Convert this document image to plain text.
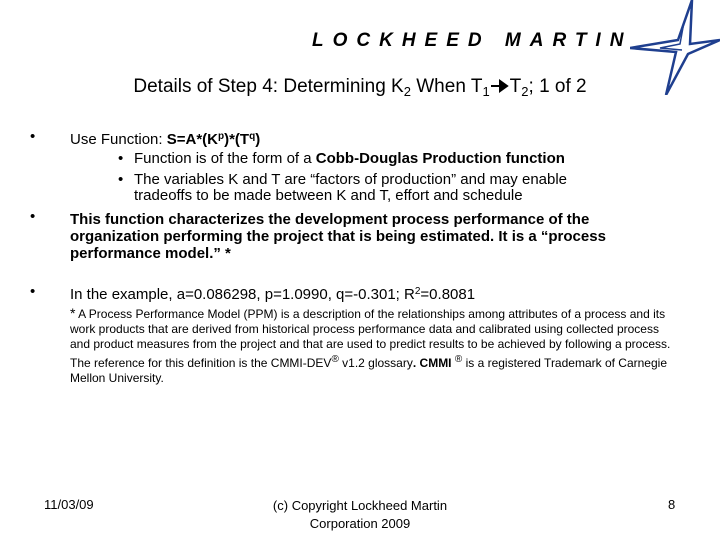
LOCKHEED MARTIN
Details of Step 4: Determining $K_2$ When $T_1$ $T_2$; 1 of 2
• Use Function: $S=A*(K^p)*(T^q)$
• Function is of the form of a Cobb-Douglas Production function
• The variables K and T are “factors of production” and may enable
tradeoffs to be made between K and T, effort and schedule
• This function characterizes the development process performance of the organization performing the project that is being estimated. It is a “process performance model.” *
• In the example, a=0.086298, p=1.0990, q=-0.301; $R^2=0.8081$
* A Process Performance Model (PPM) is a description of the relationships among attributes of a process and its work products that are derived from historical process performance data and calibrated using collected process and product measures from the project and that are used to predict results to be achieved by following a process. The reference for this definition is the CMMI-DEV® v1.2 glossary. CMMI ® is a registered Trademark of Carnegie Mellon University.
11/03/09	(c) Copyright Lockheed Martin Corporation 2009
8
